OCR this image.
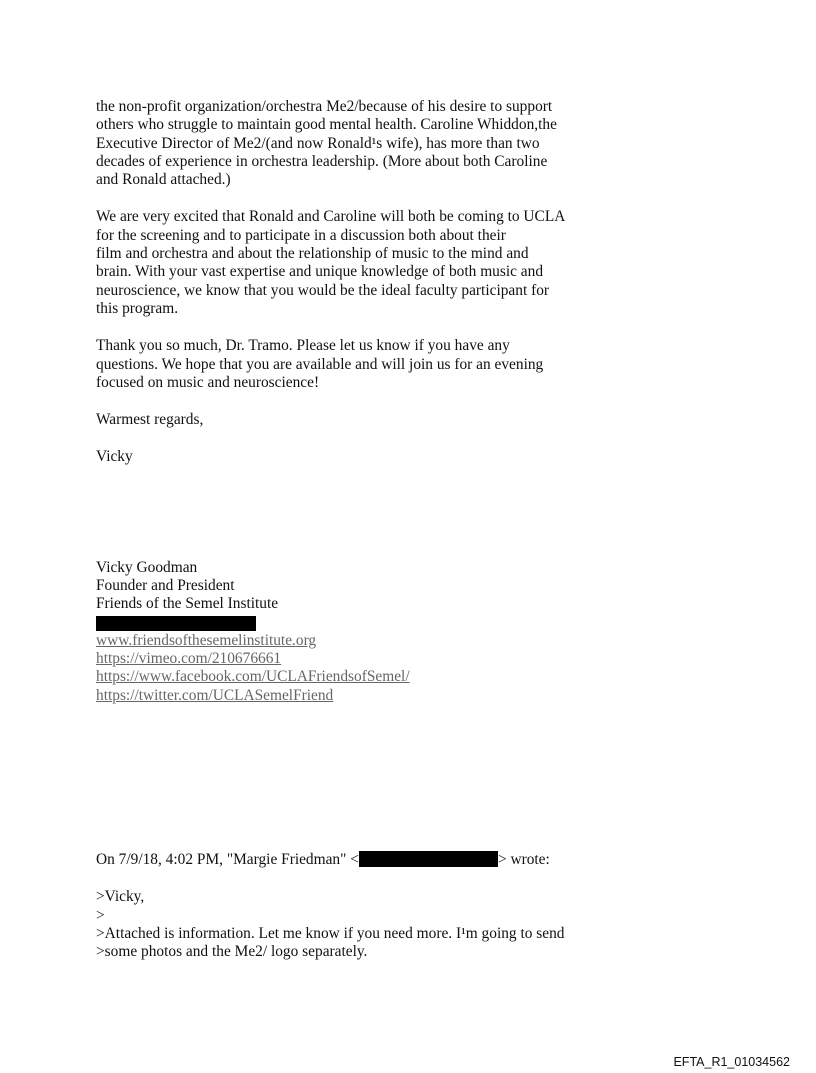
the non-profit organization/orchestra Me2/because of his desire to support
others who struggle to maintain good mental health. Caroline Whiddon,the
Executive Director of Me2/(and now Ronald¹s wife), has more than two
decades of experience in orchestra leadership. (More about both Caroline
and Ronald attached.)

We are very excited that Ronald and Caroline will both be coming to UCLA
for the screening and to participate in a discussion both about their
film and orchestra and about the relationship of music to the mind and
brain. With your vast expertise and unique knowledge of both music and
neuroscience, we know that you would be the ideal faculty participant for
this program.

Thank you so much, Dr. Tramo. Please let us know if you have any
questions. We hope that you are available and will join us for an evening
focused on music and neuroscience!

Warmest regards,

Vicky

Vicky Goodman
Founder and President
Friends of the Semel Institute
www.friendsofthesemelinstitute.org
https://vimeo.com/210676661
https://www.facebook.com/UCLAFriendsofSemel/
https://twitter.com/UCLASemelFriend

On 7/9/18, 4:02 PM, "Margie Friedman" <	> wrote:

>Vicky,
>
>Attached is information. Let me know if you need more. I¹m going to send
>some photos and the Me2/ logo separately.

EFTA_R1_01034562
